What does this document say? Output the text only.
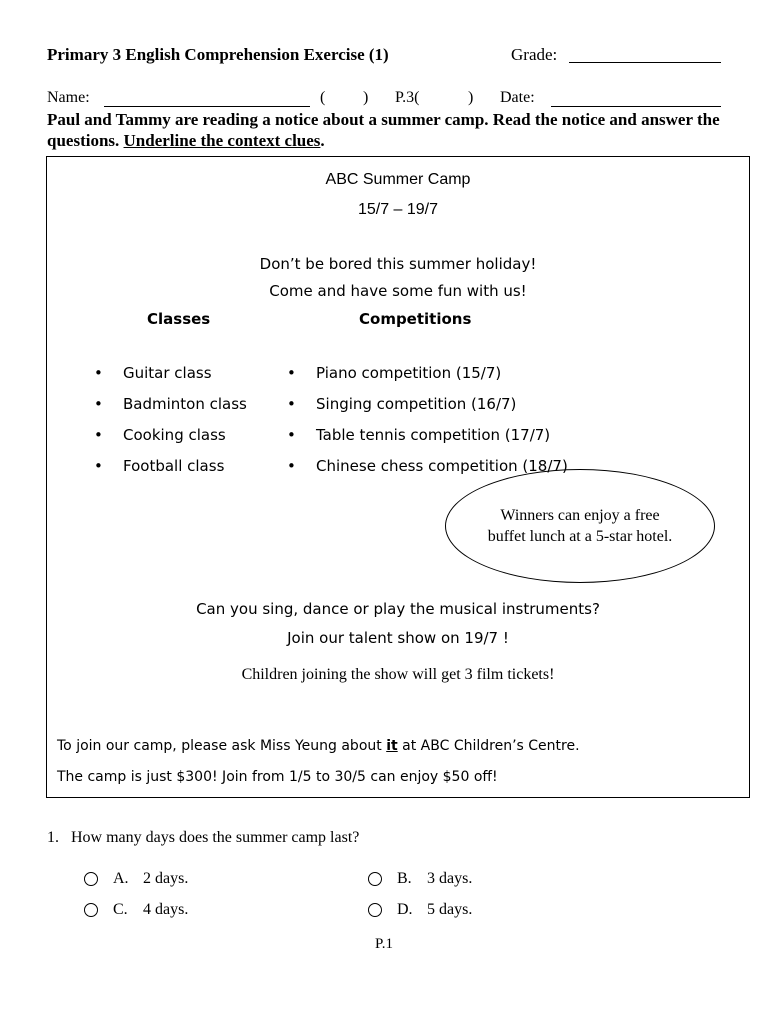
Primary 3 English Comprehension Exercise (1)	Grade:
Name:	( ) P.3(	) Date:
Paul and Tammy are reading a notice about a summer camp. Read the notice and answer the questions. Underline the context clues.
ABC Summer Camp
15/7 – 19/7
Don’t be bored this summer holiday!
Come and have some fun with us!
Classes	Competitions
• Guitar class
• Badminton class
• Cooking class
• Football class
• Piano competition (15/7)
• Singing competition (16/7)
• Table tennis competition (17/7)
• Chinese chess competition (18/7)
Winners can enjoy a free buffet lunch at a 5-star hotel.
Can you sing, dance or play the musical instruments?
Join our talent show on 19/7 !
Children joining the show will get 3 film tickets!
To join our camp, please ask Miss Yeung about it at ABC Children’s Centre.
The camp is just $300! Join from 1/5 to 30/5 can enjoy $50 off!
1. How many days does the summer camp last?
A. 2 days.	B. 3 days.
C. 4 days.	D. 5 days.
P.1
